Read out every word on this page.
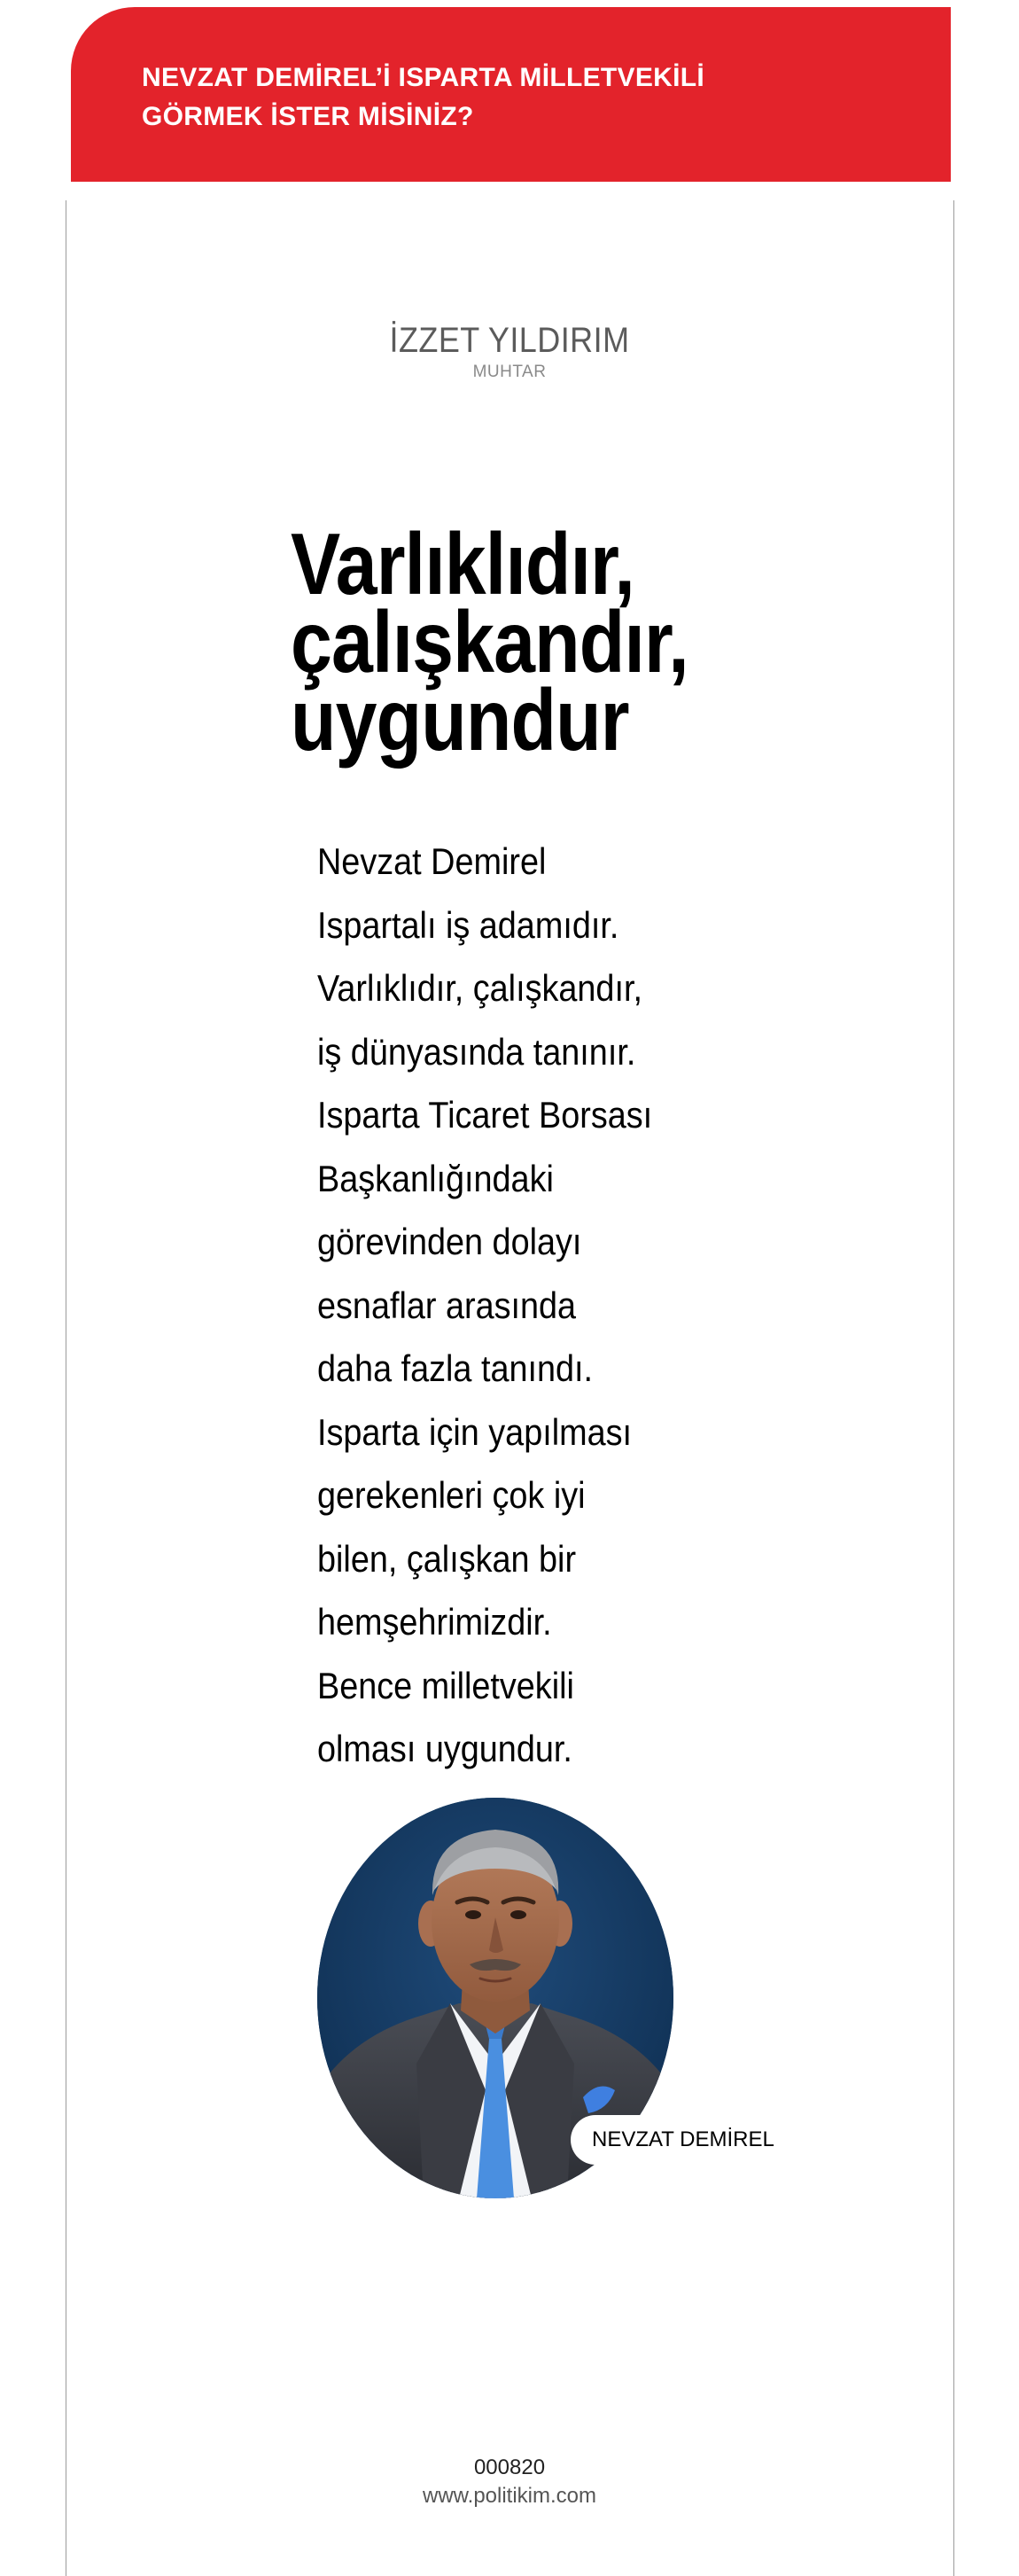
NEVZAT DEMİREL’İ ISPARTA MİLLETVEKİLİ
GÖRMEK İSTER MİSİNİZ?
İZZET YILDIRIM
MUHTAR
Varlıklıdır,
çalışkandır,
uygundur
Nevzat Demirel
Ispartalı iş adamıdır.
Varlıklıdır, çalışkandır,
iş dünyasında tanınır.
Isparta Ticaret Borsası
Başkanlığındaki
görevinden dolayı
esnaflar arasında
daha fazla tanındı.
Isparta için yapılması
gerekenleri çok iyi
bilen, çalışkan bir
hemşehrimizdir.
Bence milletvekili
olması uygundur.
NEVZAT DEMİREL
000820
www.politikim.com
